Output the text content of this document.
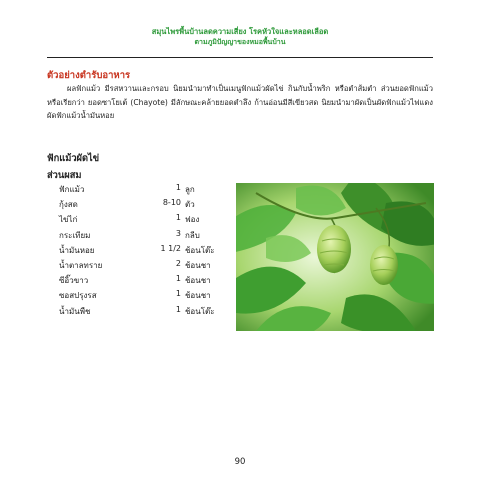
สมุนไพรพื้นบ้านลดความเสี่ยง โรคหัวใจและหลอดเลือด
ตามภูมิปัญญาของหมอพื้นบ้าน
ตัวอย่างตำรับอาหาร
ผลฟักแม้ว มีรสหวานและกรอบ นิยมนำมาทำเป็นเมนูฟักแม้วผัดไข่ กินกับน้ำพริก หรือตำส้มตำ ส่วนยอดฟักแม้ว หรือเรียกว่า ยอดซาโยเต้ (Chayote) มีลักษณะคล้ายยอดตำลึง ก้านอ่อนมีสีเขียวสด นิยมนำมาผัดเป็นผัดฟักแม้วไฟแดง ผัดฟักแม้วน้ำมันหอย
ฟักแม้วผัดไข่
ส่วนผสม
ฟักแม้ว	1 ลูก
กุ้งสด	8-10 ตัว
ไข่ไก่	1 ฟอง
กระเทียม	3 กลีบ
น้ำมันหอย	1 1/2 ช้อนโต๊ะ
น้ำตาลทราย	2 ช้อนชา
ซีอิ๊วขาว	1 ช้อนชา
ซอสปรุงรส	1 ช้อนชา
น้ำมันพืช	1 ช้อนโต๊ะ
90
